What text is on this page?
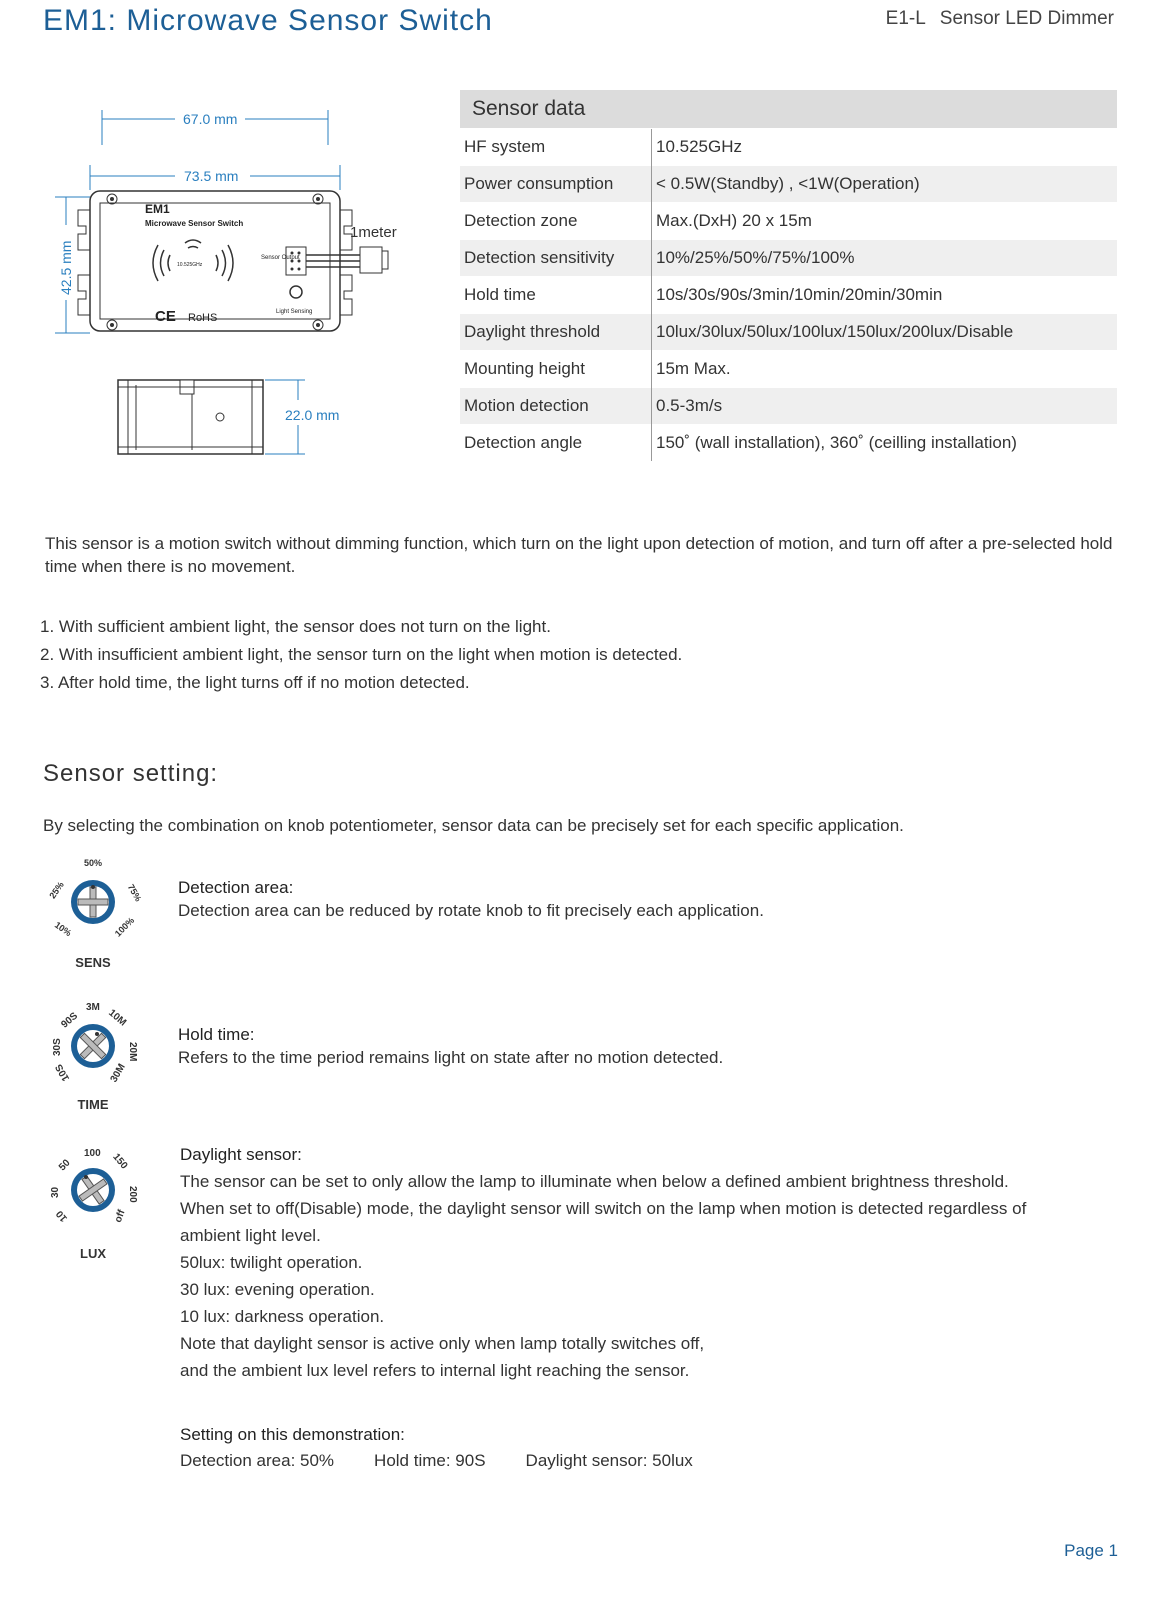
EM1: Microwave Sensor Switch	E1-L Sensor LED Dimmer
67.0 mm
73.5 mm
42.5 mm
EM1
Microwave Sensor Switch
10.525GHz
Sensor Output
1meter
Light Sensing
CE RoHS
22.0 mm
Sensor data	
HF system	10.525GHz
Power consumption	< 0.5W(Standby) , <1W(Operation)
Detection zone	Max.(DxH) 20 x 15m
Detection sensitivity	10%/25%/50%/75%/100%
Hold time	10s/30s/90s/3min/10min/20min/30min
Daylight threshold	10lux/30lux/50lux/100lux/150lux/200lux/Disable
Mounting height	15m Max.
Motion detection	0.5-3m/s
Detection angle	150˚ (wall installation), 360˚ (ceilling installation)
This sensor is a motion switch without dimming function, which turn on the light upon detection of motion, and turn off after a pre-selected hold time when there is no movement.
1. With sufficient ambient light, the sensor does not turn on the light.
2. With insufficient ambient light, the sensor turn on the light when motion is detected.
3. After hold time, the light turns off if no motion detected.
Sensor setting:
By selecting the combination on knob potentiometer, sensor data can be precisely set for each specific application.
50%
25%	75%
10%	100%
SENS
Detection area:
Detection area can be reduced by rotate knob to fit precisely each application.
3M
90S	10M
30S	20M
10S	30M
TIME
Hold time:
Refers to the time period remains light on state after no motion detected.
100
50	150
30	200
10	off
LUX
Daylight sensor:
The sensor can be set to only allow the lamp to illuminate when below a defined ambient brightness threshold.
When set to off(Disable) mode, the daylight sensor will switch on the lamp when motion is detected regardless of
ambient light level.
50lux: twilight operation.
30 lux: evening operation.
10 lux: darkness operation.
Note that daylight sensor is active only when lamp totally switches off,
and the ambient lux level refers to internal light reaching the sensor.
Setting on this demonstration:
Detection area: 50% Hold time: 90S Daylight sensor: 50lux
Page 1
